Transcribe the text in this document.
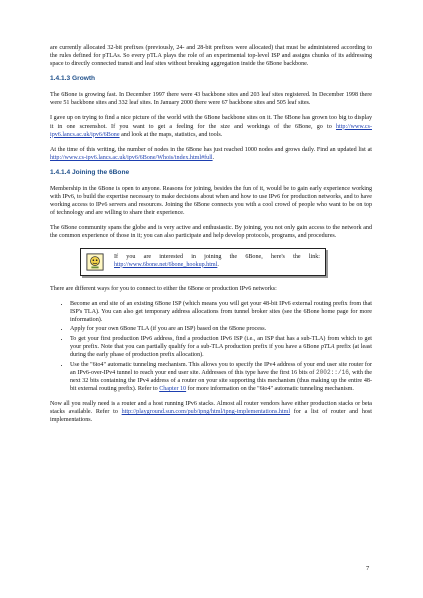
are currently allocated 32-bit prefixes (previously, 24- and 28-bit prefixes were allocated) that must be administered according to the rules defined for pTLAs. So every pTLA plays the role of an experimental top-level ISP and assigns chunks of its addressing space to directly connected transit and leaf sites without breaking aggregation inside the 6Bone backbone.

1.4.1.3 Growth

The 6Bone is growing fast. In December 1997 there were 43 backbone sites and 203 leaf sites registered. In December 1998 there were 51 backbone sites and 332 leaf sites. In January 2000 there were 67 backbone sites and 505 leaf sites.

I gave up on trying to find a nice picture of the world with the 6Bone backbone sites on it. The 6Bone has grown too big to display it in one screenshot. If you want to get a feeling for the size and workings of the 6Bone, go to http://www.cs-ipv6.lancs.ac.uk/ipv6/6Bone and look at the maps, statistics, and tools.

At the time of this writing, the number of nodes in the 6Bone has just reached 1000 nodes and grows daily. Find an updated list at http://www.cs-ipv6.lancs.ac.uk/ipv6/6Bone/Whois/index.html#full.

1.4.1.4 Joining the 6Bone

Membership in the 6Bone is open to anyone. Reasons for joining, besides the fun of it, would be to gain early experience working with IPv6, to build the expertise necessary to make decisions about when and how to use IPv6 for production networks, and to have working access to IPv6 servers and resources. Joining the 6Bone connects you with a cool crowd of people who want to be on top of technology and are willing to share their experience.

The 6Bone community spans the globe and is very active and enthusiastic. By joining, you not only gain access to the network and the common experience of those in it; you can also participate and help develop protocols, programs, and procedures.

If you are interested in joining the 6Bone, here's the link: http://www.6bone.net/6bone_hookup.html.

There are different ways for you to connect to either the 6Bone or production IPv6 networks:

• Become an end site of an existing 6Bone ISP (which means you will get your 48-bit IPv6 external routing prefix from that ISP's TLA). You can also get temporary address allocations from tunnel broker sites (see the 6Bone home page for more information).
• Apply for your own 6Bone TLA (if you are an ISP) based on the 6Bone process.
• To get your first production IPv6 address, find a production IPv6 ISP (i.e., an ISP that has a sub-TLA) from which to get your prefix. Note that you can partially qualify for a sub-TLA production prefix if you have a 6Bone pTLA prefix (at least during the early phase of production prefix allocation).
• Use the "6to4" automatic tunneling mechanism. This allows you to specify the IPv4 address of your end user site router for an IPv6-over-IPv4 tunnel to reach your end user site. Addresses of this type have the first 16 bits of 2002::/16, with the next 32 bits containing the IPv4 address of a router on your site supporting this mechanism (thus making up the entire 48-bit external routing prefix). Refer to Chapter 10 for more information on the "6to4" automatic tunneling mechanism.

Now all you really need is a router and a host running IPv6 stacks. Almost all router vendors have either production stacks or beta stacks available. Refer to http://playground.sun.com/pub/ipng/html/ipng-implementations.html for a list of router and host implementations.

7
